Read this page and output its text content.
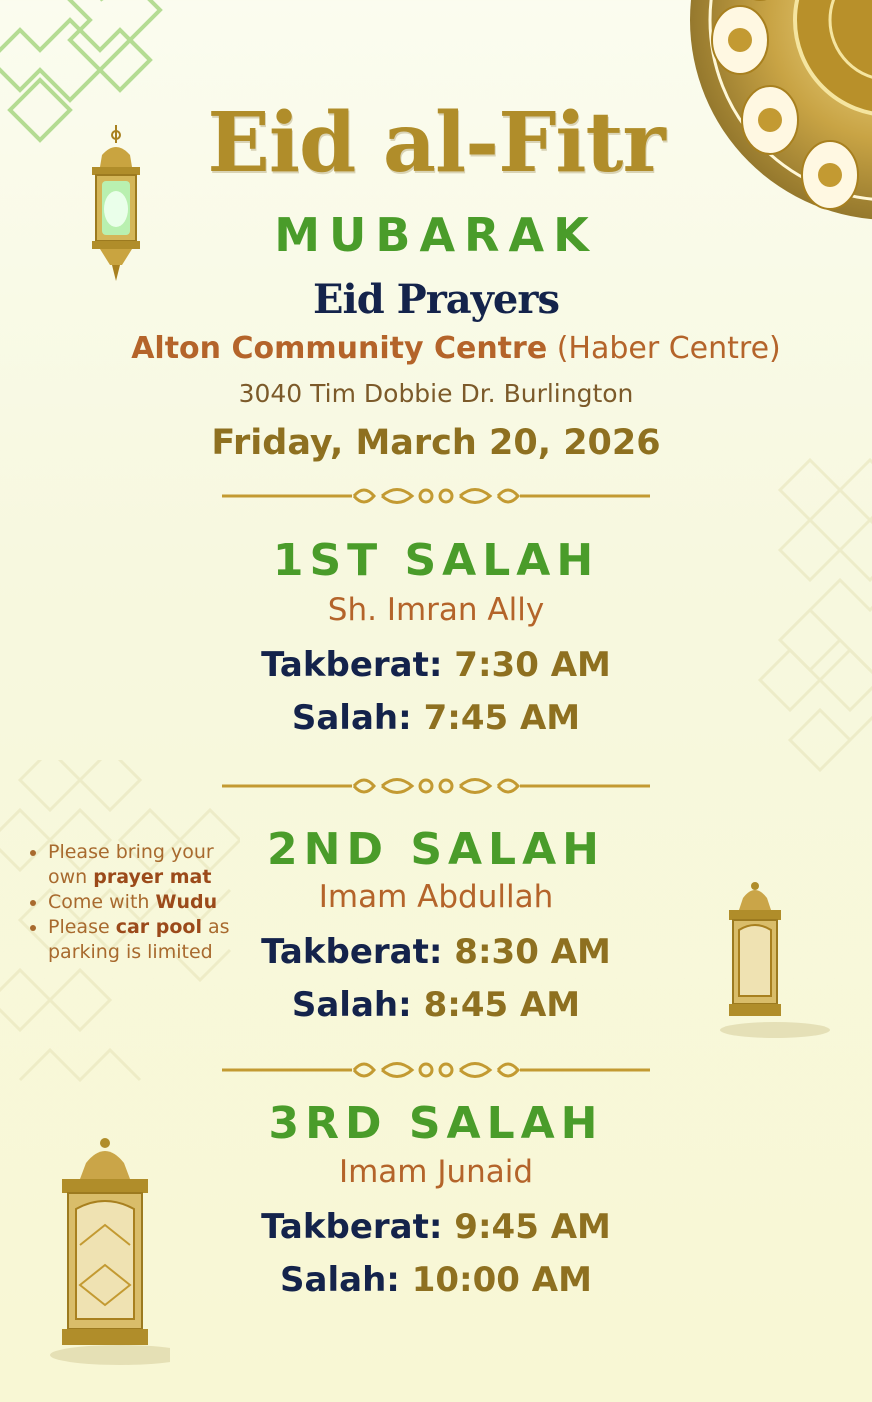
Eid al-Fitr
MUBARAK
Eid Prayers
Alton Community Centre (Haber Centre)
3040 Tim Dobbie Dr. Burlington
Friday, March 20, 2026
1ST SALAH
Sh. Imran Ally
Takberat: 7:30 AM
Salah: 7:45 AM
2ND SALAH
Imam Abdullah
Takberat: 8:30 AM
Salah: 8:45 AM
3RD SALAH
Imam Junaid
Takberat: 9:45 AM
Salah: 10:00 AM
Please bring your own prayer mat
Come with Wudu
Please car pool as parking is limited
